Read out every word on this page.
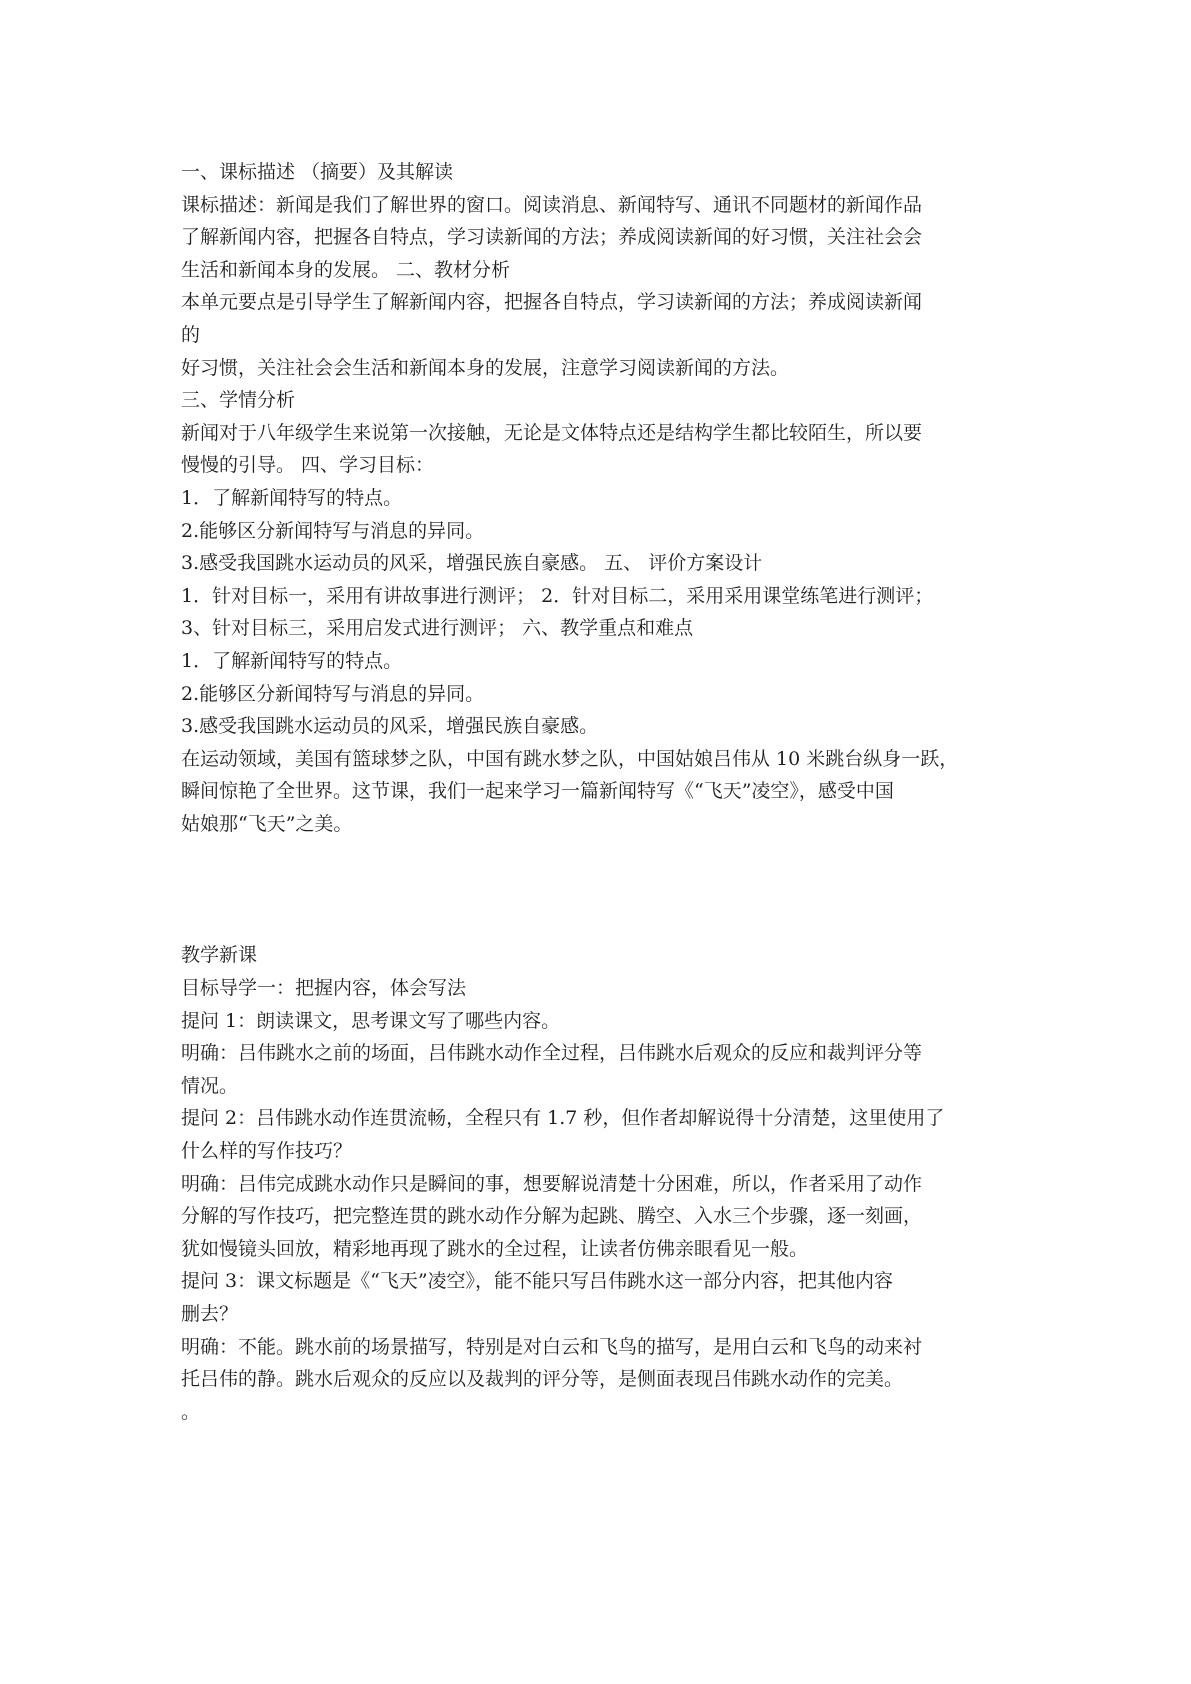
一、课标描述 （摘要）及其解读
课标描述：新闻是我们了解世界的窗口。阅读消息、新闻特写、通讯不同题材的新闻作品
了解新闻内容，把握各自特点，学习读新闻的方法；养成阅读新闻的好习惯，关注社会会
生活和新闻本身的发展。 二、教材分析
本单元要点是引导学生了解新闻内容，把握各自特点，学习读新闻的方法；养成阅读新闻
的
好习惯，关注社会会生活和新闻本身的发展，注意学习阅读新闻的方法。
三、学情分析
新闻对于八年级学生来说第一次接触，无论是文体特点还是结构学生都比较陌生，所以要
慢慢的引导。 四、学习目标：
1．了解新闻特写的特点。
2.能够区分新闻特写与消息的异同。
3.感受我国跳水运动员的风采，增强民族自豪感。 五、 评价方案设计
1．针对目标一，采用有讲故事进行测评； 2．针对目标二，采用采用课堂练笔进行测评；
3、针对目标三，采用启发式进行测评； 六、教学重点和难点
1．了解新闻特写的特点。
2.能够区分新闻特写与消息的异同。
3.感受我国跳水运动员的风采，增强民族自豪感。
在运动领域，美国有篮球梦之队，中国有跳水梦之队，中国姑娘吕伟从 10 米跳台纵身一跃，
瞬间惊艳了全世界。这节课，我们一起来学习一篇新闻特写《“飞天”凌空》，感受中国
姑娘那“飞天”之美。
教学新课
目标导学一：把握内容，体会写法
提问 1：朗读课文，思考课文写了哪些内容。
明确：吕伟跳水之前的场面，吕伟跳水动作全过程，吕伟跳水后观众的反应和裁判评分等
情况。
提问 2：吕伟跳水动作连贯流畅，全程只有 1.7 秒，但作者却解说得十分清楚，这里使用了
什么样的写作技巧？
明确：吕伟完成跳水动作只是瞬间的事，想要解说清楚十分困难，所以，作者采用了动作
分解的写作技巧，把完整连贯的跳水动作分解为起跳、腾空、入水三个步骤，逐一刻画，
犹如慢镜头回放，精彩地再现了跳水的全过程，让读者仿佛亲眼看见一般。
提问 3：课文标题是《“飞天”凌空》，能不能只写吕伟跳水这一部分内容，把其他内容
删去？
明确：不能。跳水前的场景描写，特别是对白云和飞鸟的描写，是用白云和飞鸟的动来衬
托吕伟的静。跳水后观众的反应以及裁判的评分等，是侧面表现吕伟跳水动作的完美。
。
